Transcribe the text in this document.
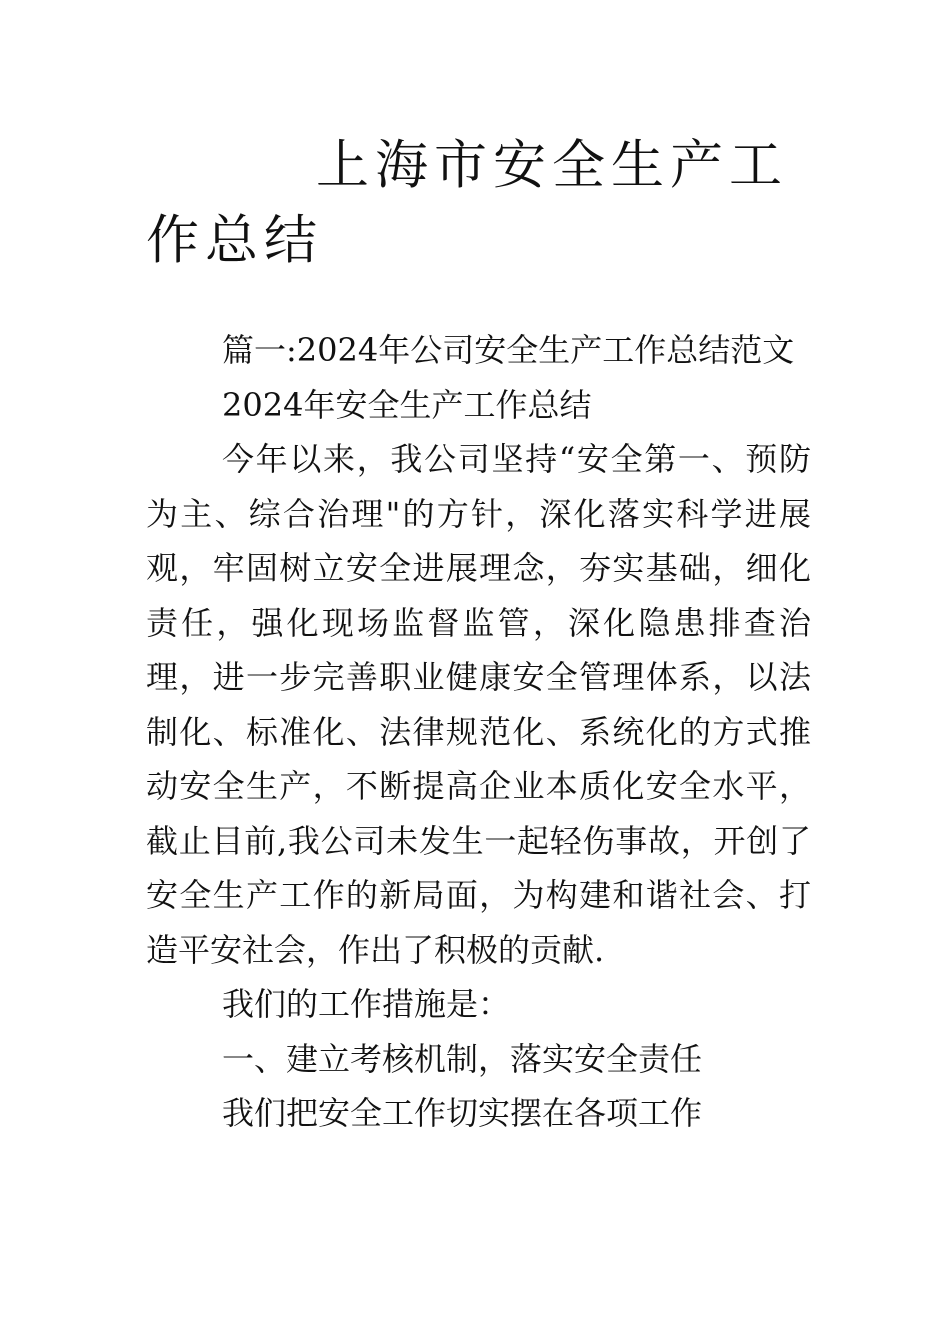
上海市安全生产工作总结

篇一:2024年公司安全生产工作总结范文

2024年安全生产工作总结

今年以来，我公司坚持“安全第一、预防为主、综合治理"的方针，深化落实科学进展观，牢固树立安全进展理念，夯实基础，细化责任，强化现场监督监管，深化隐患排查治理，进一步完善职业健康安全管理体系，以法制化、标准化、法律规范化、系统化的方式推动安全生产，不断提高企业本质化安全水平，截止目前,我公司未发生一起轻伤事故，开创了安全生产工作的新局面，为构建和谐社会、打造平安社会，作出了积极的贡献.

我们的工作措施是：

一、建立考核机制，落实安全责任

我们把安全工作切实摆在各项工作
